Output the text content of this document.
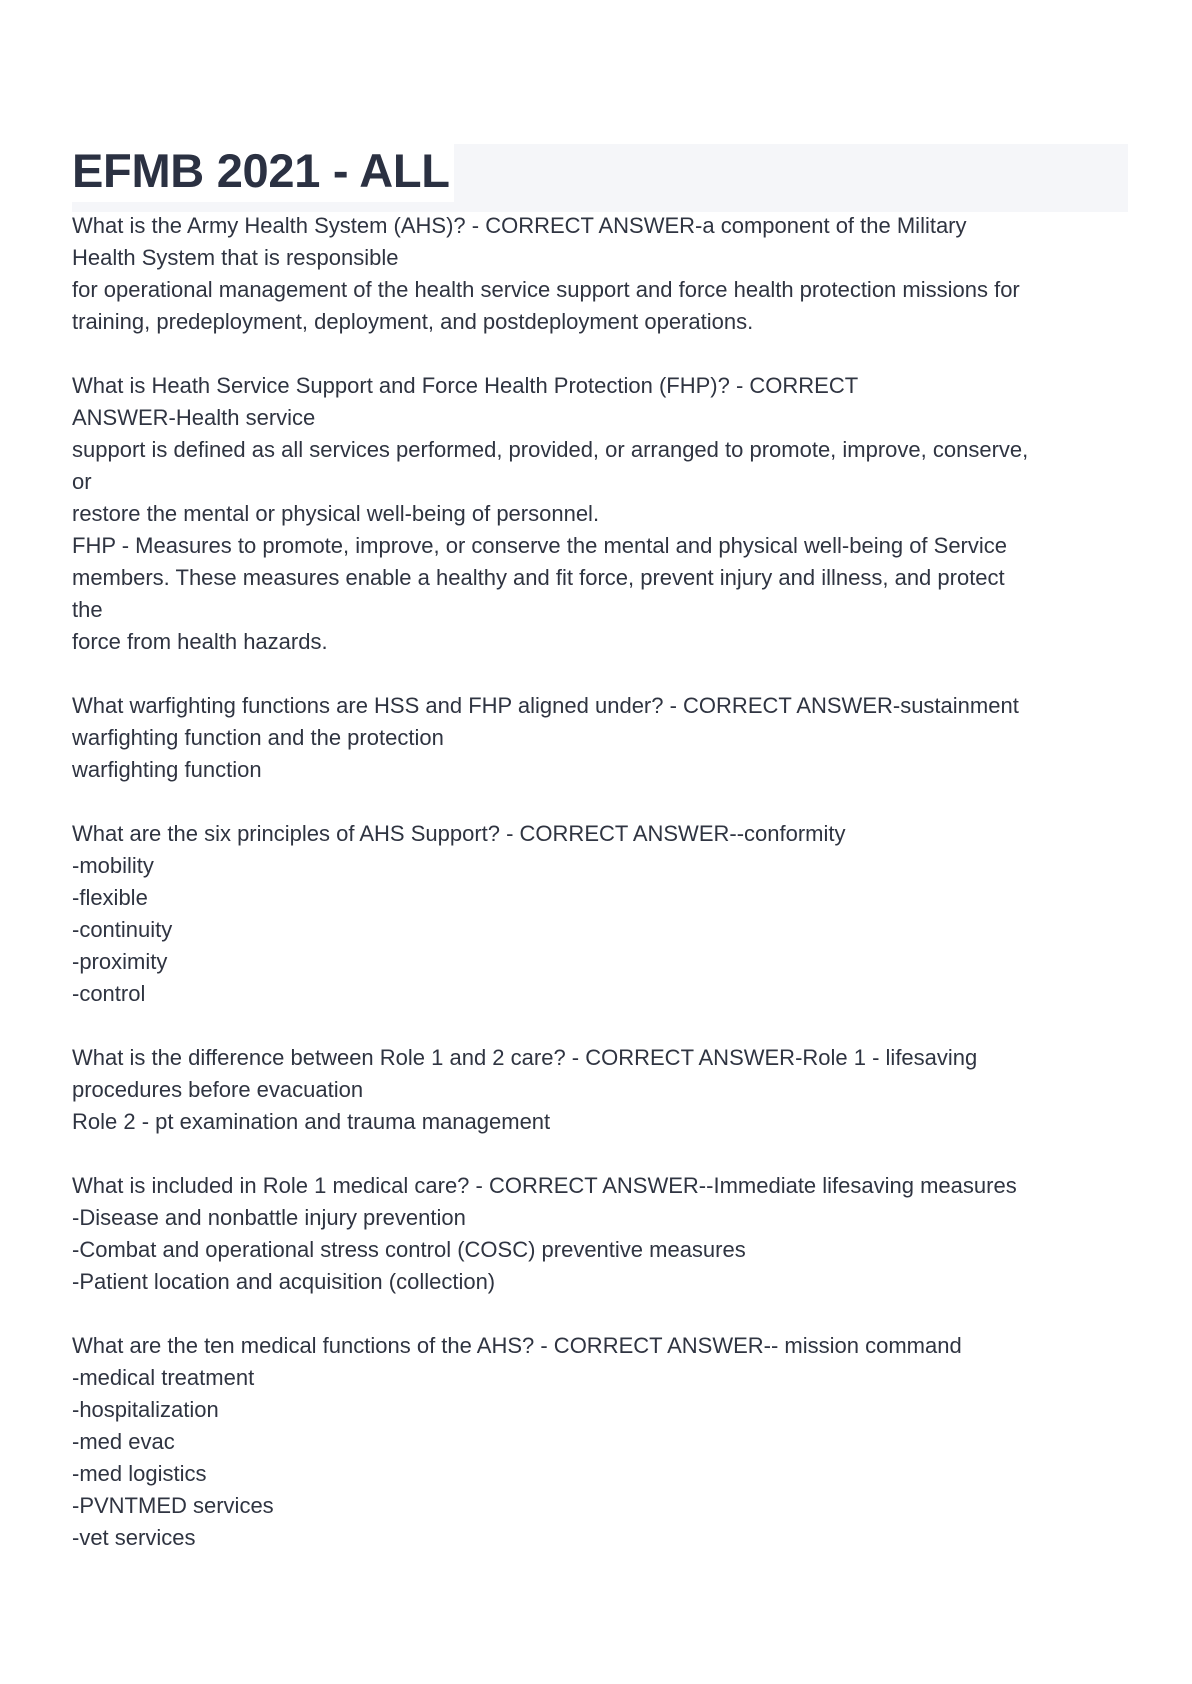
EFMB 2021 - ALL
What is the Army Health System (AHS)? - CORRECT ANSWER-a component of the Military
Health System that is responsible
for operational management of the health service support and force health protection missions for
training, predeployment, deployment, and postdeployment operations.
What is Heath Service Support and Force Health Protection (FHP)? - CORRECT
ANSWER-Health service
support is defined as all services performed, provided, or arranged to promote, improve, conserve,
or
restore the mental or physical well-being of personnel.
FHP - Measures to promote, improve, or conserve the mental and physical well-being of Service
members. These measures enable a healthy and fit force, prevent injury and illness, and protect
the
force from health hazards.
What warfighting functions are HSS and FHP aligned under? - CORRECT ANSWER-sustainment
warfighting function and the protection
warfighting function
What are the six principles of AHS Support? - CORRECT ANSWER--conformity
-mobility
-flexible
-continuity
-proximity
-control
What is the difference between Role 1 and 2 care? - CORRECT ANSWER-Role 1 - lifesaving
procedures before evacuation
Role 2 - pt examination and trauma management
What is included in Role 1 medical care? - CORRECT ANSWER--Immediate lifesaving measures
-Disease and nonbattle injury prevention
-Combat and operational stress control (COSC) preventive measures
-Patient location and acquisition (collection)
What are the ten medical functions of the AHS? - CORRECT ANSWER-- mission command
-medical treatment
-hospitalization
-med evac
-med logistics
-PVNTMED services
-vet services
